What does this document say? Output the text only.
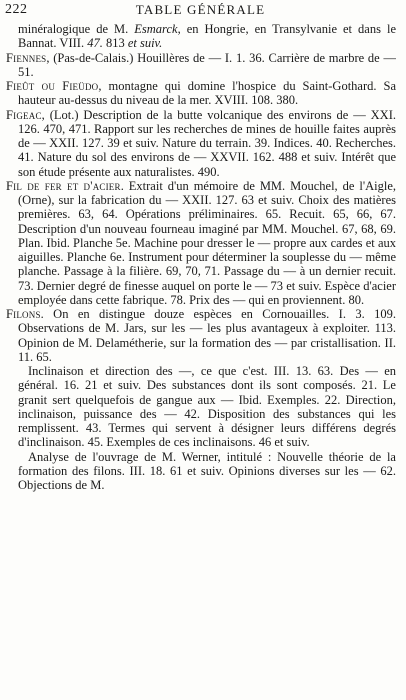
222	TABLE GÉNÉRALE

minéralogique de M. Esmarck, en Hongrie, en Transylvanie et dans le Bannat. VIII. 47. 813 et suiv.

Fiennes, (Pas-de-Calais.) Houillères de — I. 1. 36. Carrière de marbre de — 51.

Fieût ou Fieüdo, montagne qui domine l'hospice du Saint-Gothard. Sa hauteur au-dessus du niveau de la mer. XVIII. 108. 380.

Figeac, (Lot.) Description de la butte volcanique des environs de — XXI. 126. 470, 471. Rapport sur les recherches de mines de houille faites auprès de — XXII. 127. 39 et suiv. Nature du terrain. 39. Indices. 40. Recherches. 41. Nature du sol des environs de — XXVII. 162. 488 et suiv. Intérêt que son étude présente aux naturalistes. 490.

Fil de fer et d'acier. Extrait d'un mémoire de MM. Mouchel, de l'Aigle, (Orne), sur la fabrication du — XXII. 127. 63 et suiv. Choix des matières premières. 63, 64. Opérations préliminaires. 65. Recuit. 65, 66, 67. Description d'un nouveau fourneau imaginé par MM. Mouchel. 67, 68, 69. Plan. Ibid. Planche 5e. Machine pour dresser le — propre aux cardes et aux aiguilles. Planche 6e. Instrument pour déterminer la souplesse du — même planche. Passage à la filière. 69, 70, 71. Passage du — à un dernier recuit. 73. Dernier degré de finesse auquel on porte le — 73 et suiv. Espèce d'acier employée dans cette fabrique. 78. Prix des — qui en proviennent. 80.

Filons. On en distingue douze espèces en Cornouailles. I. 3. 109. Observations de M. Jars, sur les — les plus avantageux à exploiter. 113. Opinion de M. Delamétherie, sur la formation des — par cristallisation. II. 11. 65.

Inclinaison et direction des —, ce que c'est. III. 13. 63. Des — en général. 16. 21 et suiv. Des substances dont ils sont composés. 21. Le granit sert quelquefois de gangue aux — Ibid. Exemples. 22. Direction, inclinaison, puissance des — 42. Disposition des substances qui les remplissent. 43. Termes qui servent à désigner leurs différens degrés d'inclinaison. 45. Exemples de ces inclinaisons. 46 et suiv.

Analyse de l'ouvrage de M. Werner, intitulé : Nouvelle théorie de la formation des filons. III. 18. 61 et suiv. Opinions diverses sur les — 62. Objections de M.
